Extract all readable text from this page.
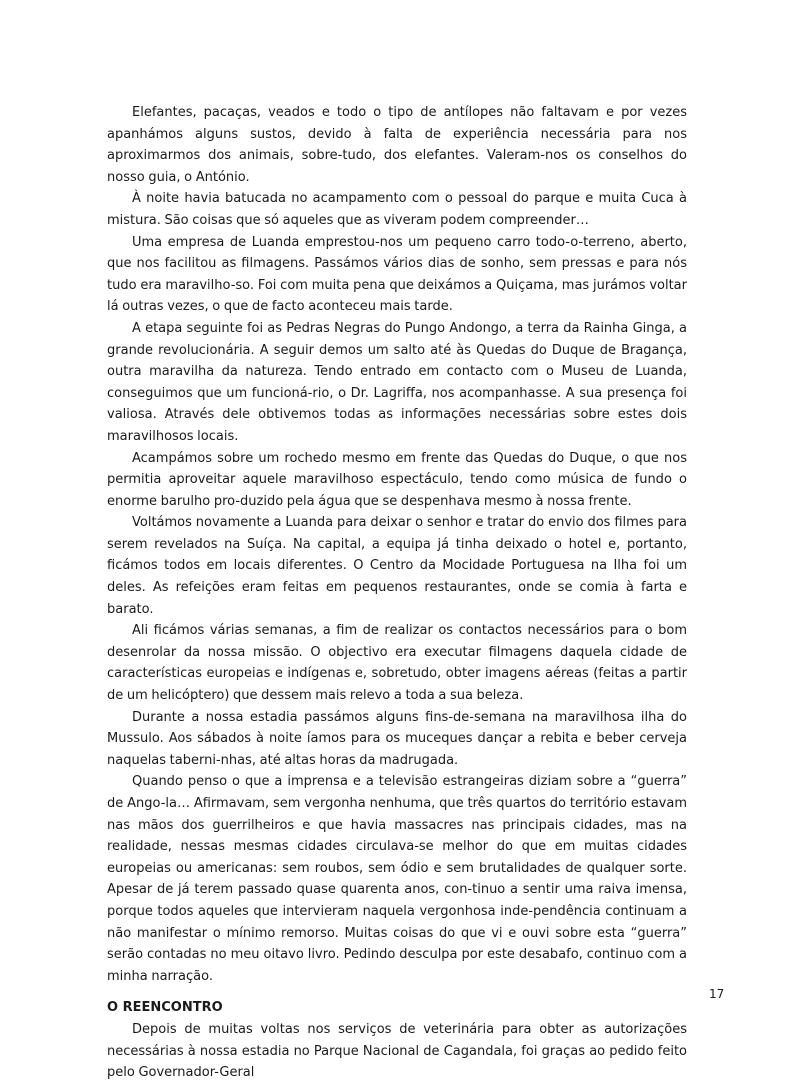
Elefantes, pacaças, veados e todo o tipo de antílopes não faltavam e por vezes apanhámos alguns sustos, devido à falta de experiência necessária para nos aproximarmos dos animais, sobre-tudo, dos elefantes. Valeram-nos os conselhos do nosso guia, o António.

À noite havia batucada no acampamento com o pessoal do parque e muita Cuca à mistura. São coisas que só aqueles que as viveram podem compreender…

Uma empresa de Luanda emprestou-nos um pequeno carro todo-o-terreno, aberto, que nos facilitou as filmagens. Passámos vários dias de sonho, sem pressas e para nós tudo era maravilho-so. Foi com muita pena que deixámos a Quiçama, mas jurámos voltar lá outras vezes, o que de facto aconteceu mais tarde.

A etapa seguinte foi as Pedras Negras do Pungo Andongo, a terra da Rainha Ginga, a grande revolucionária. A seguir demos um salto até às Quedas do Duque de Bragança, outra maravilha da natureza. Tendo entrado em contacto com o Museu de Luanda, conseguimos que um funcioná-rio, o Dr. Lagriffa, nos acompanhasse. A sua presença foi valiosa. Através dele obtivemos todas as informações necessárias sobre estes dois maravilhosos locais.

Acampámos sobre um rochedo mesmo em frente das Quedas do Duque, o que nos permitia aproveitar aquele maravilhoso espectáculo, tendo como música de fundo o enorme barulho pro-duzido pela água que se despenhava mesmo à nossa frente.

Voltámos novamente a Luanda para deixar o senhor e tratar do envio dos filmes para serem revelados na Suíça. Na capital, a equipa já tinha deixado o hotel e, portanto, ficámos todos em locais diferentes. O Centro da Mocidade Portuguesa na Ilha foi um deles. As refeições eram feitas em pequenos restaurantes, onde se comia à farta e barato.

Ali ficámos várias semanas, a fim de realizar os contactos necessários para o bom desenrolar da nossa missão. O objectivo era executar filmagens daquela cidade de características europeias e indígenas e, sobretudo, obter imagens aéreas (feitas a partir de um helicóptero) que dessem mais relevo a toda a sua beleza.

Durante a nossa estadia passámos alguns fins-de-semana na maravilhosa ilha do Mussulo. Aos sábados à noite íamos para os muceques dançar a rebita e beber cerveja naquelas taberni-nhas, até altas horas da madrugada.

Quando penso o que a imprensa e a televisão estrangeiras diziam sobre a “guerra” de Ango-la… Afirmavam, sem vergonha nenhuma, que três quartos do território estavam nas mãos dos guerrilheiros e que havia massacres nas principais cidades, mas na realidade, nessas mesmas cidades circulava-se melhor do que em muitas cidades europeias ou americanas: sem roubos, sem ódio e sem brutalidades de qualquer sorte. Apesar de já terem passado quase quarenta anos, con-tinuo a sentir uma raiva imensa, porque todos aqueles que intervieram naquela vergonhosa inde-pendência continuam a não manifestar o mínimo remorso. Muitas coisas do que vi e ouvi sobre esta “guerra” serão contadas no meu oitavo livro. Pedindo desculpa por este desabafo, continuo com a minha narração.

O REENCONTRO

Depois de muitas voltas nos serviços de veterinária para obter as autorizações necessárias à nossa estadia no Parque Nacional de Cagandala, foi graças ao pedido feito pelo Governador-Geral

17
